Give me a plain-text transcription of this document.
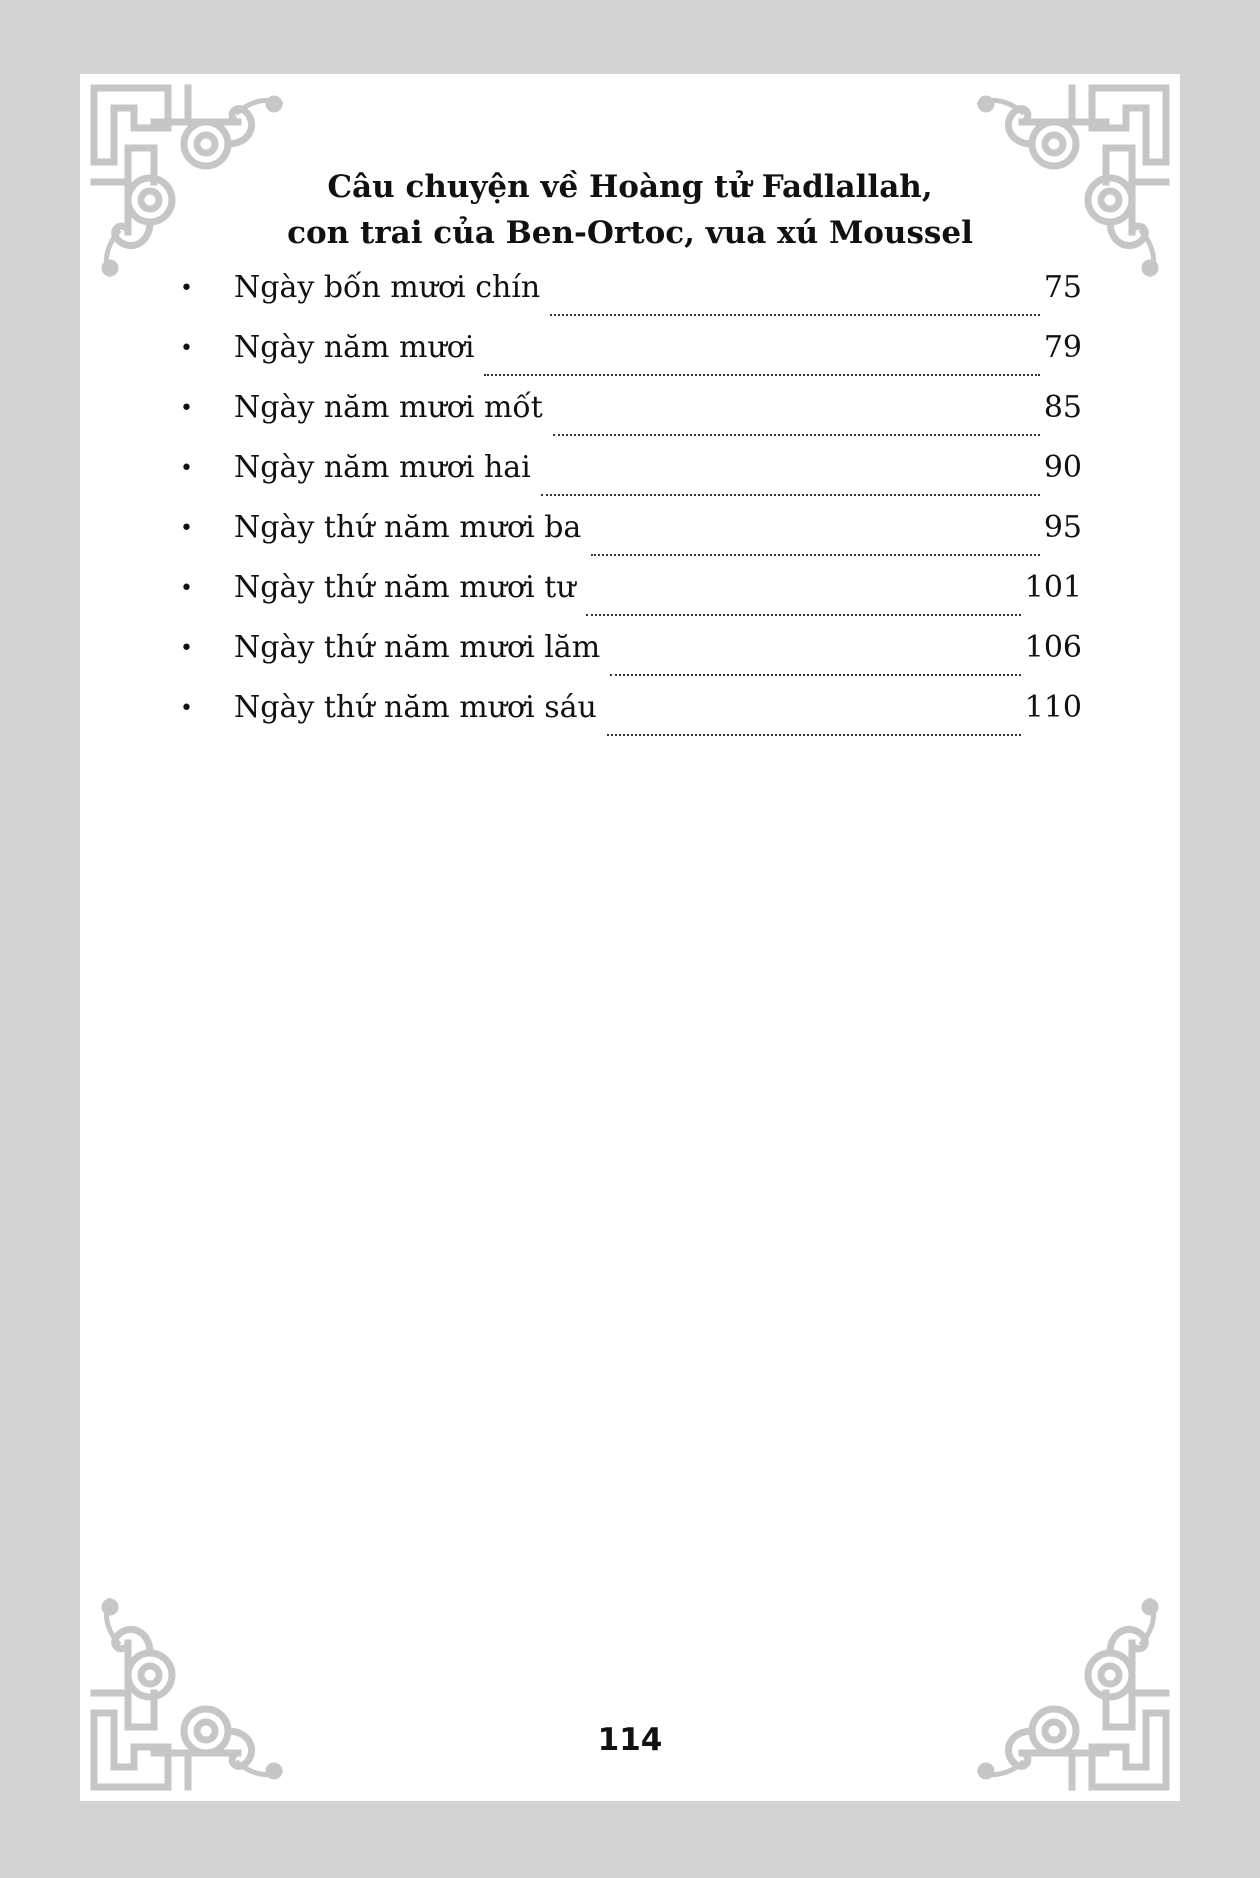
Câu chuyện về Hoàng tử Fadlallah,
con trai của Ben-Ortoc, vua xú Moussel
•	Ngày bốn mươi chín	75
•	Ngày năm mươi	79
•	Ngày năm mươi mốt	85
•	Ngày năm mươi hai	90
•	Ngày thứ năm mươi ba	95
•	Ngày thứ năm mươi tư	101
•	Ngày thứ năm mươi lăm	106
•	Ngày thứ năm mươi sáu	110
114
